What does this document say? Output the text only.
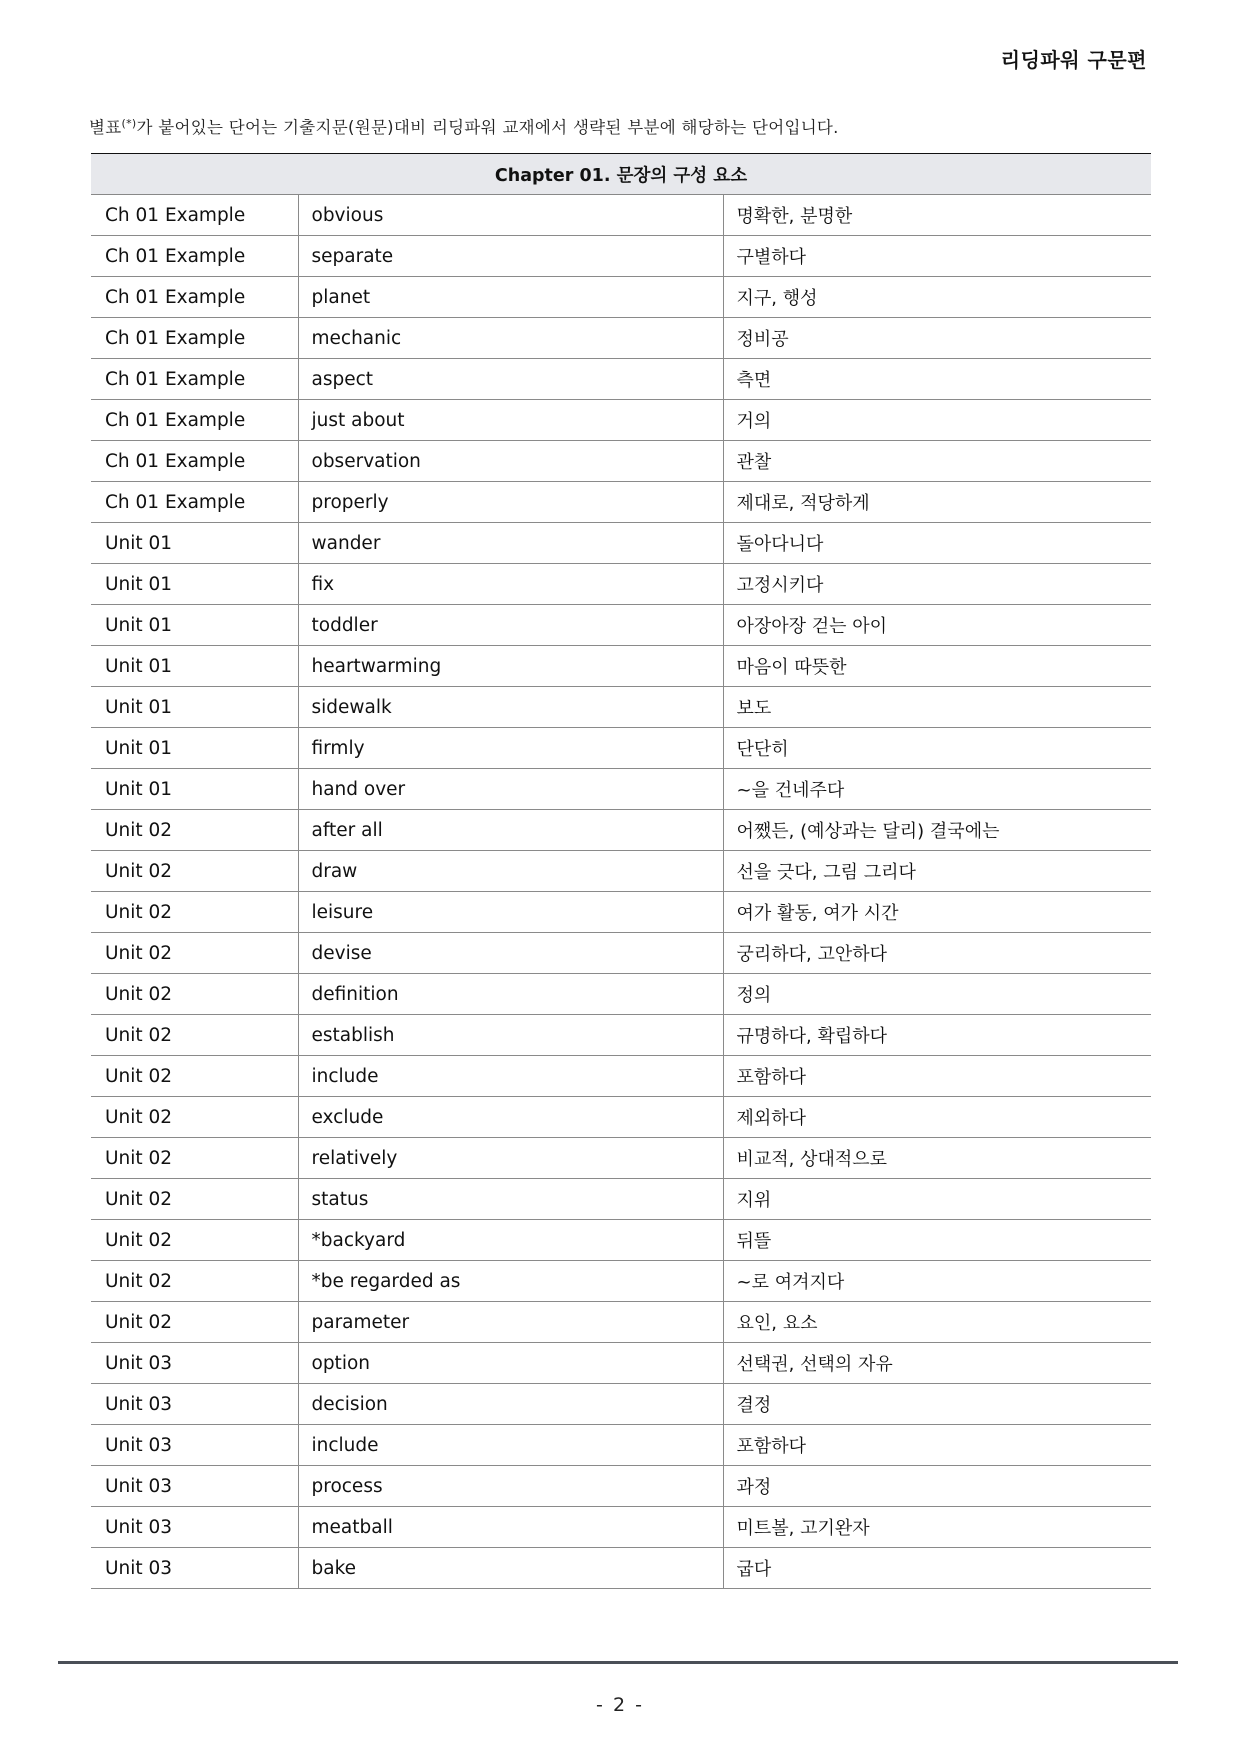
리딩파워 구문편
별표(*)가 붙어있는 단어는 기출지문(원문)대비 리딩파워 교재에서 생략된 부분에 해당하는 단어입니다.
Chapter 01. 문장의 구성 요소		
Ch 01 Example	obvious	명확한, 분명한
Ch 01 Example	separate	구별하다
Ch 01 Example	planet	지구, 행성
Ch 01 Example	mechanic	정비공
Ch 01 Example	aspect	측면
Ch 01 Example	just about	거의
Ch 01 Example	observation	관찰
Ch 01 Example	properly	제대로, 적당하게
Unit 01	wander	돌아다니다
Unit 01	fix	고정시키다
Unit 01	toddler	아장아장 걷는 아이
Unit 01	heartwarming	마음이 따뜻한
Unit 01	sidewalk	보도
Unit 01	firmly	단단히
Unit 01	hand over	~을 건네주다
Unit 02	after all	어쨌든, (예상과는 달리) 결국에는
Unit 02	draw	선을 긋다, 그림 그리다
Unit 02	leisure	여가 활동, 여가 시간
Unit 02	devise	궁리하다, 고안하다
Unit 02	definition	정의
Unit 02	establish	규명하다, 확립하다
Unit 02	include	포함하다
Unit 02	exclude	제외하다
Unit 02	relatively	비교적, 상대적으로
Unit 02	status	지위
Unit 02	*backyard	뒤뜰
Unit 02	*be regarded as	~로 여겨지다
Unit 02	parameter	요인, 요소
Unit 03	option	선택권, 선택의 자유
Unit 03	decision	결정
Unit 03	include	포함하다
Unit 03	process	과정
Unit 03	meatball	미트볼, 고기완자
Unit 03	bake	굽다
- 2 -
